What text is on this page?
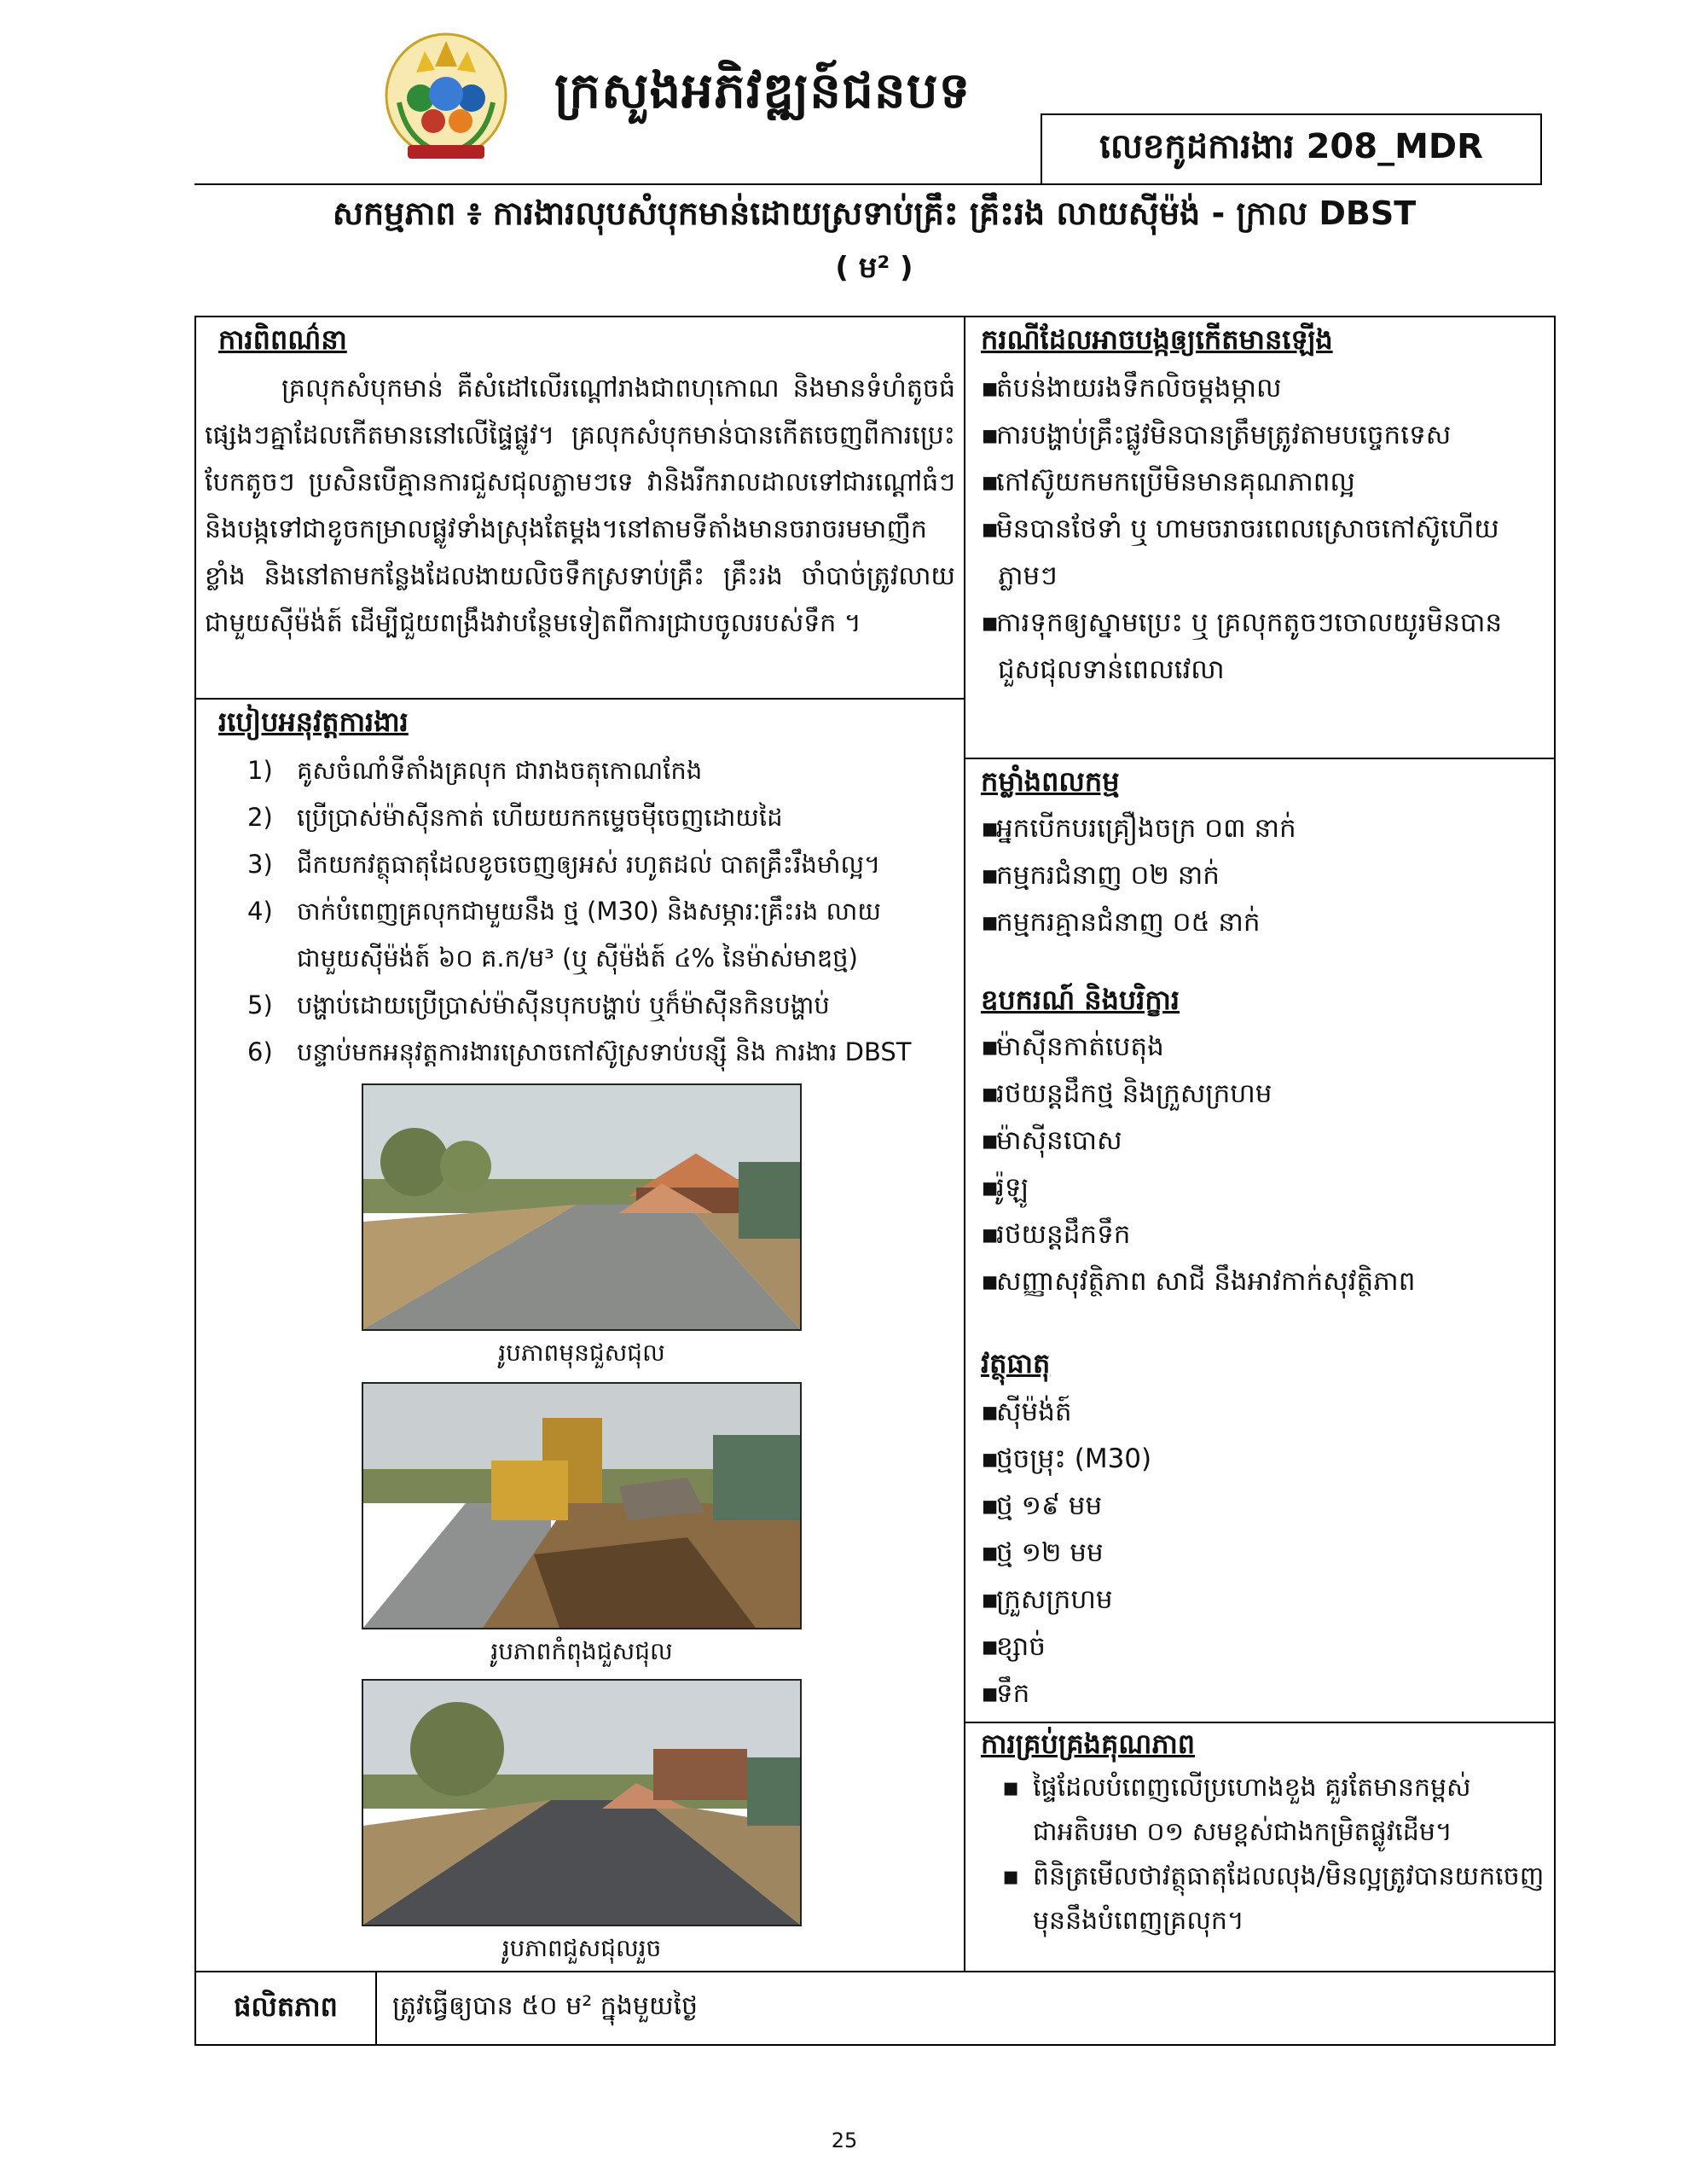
ក្រសួងអភិវឌ្ឍន៍ជនបទ
លេខកូដការងារ 208_MDR
សកម្មភាព ៖ ការងារលុបសំបុកមាន់ដោយស្រទាប់គ្រឹះ គ្រឹះរង លាយស៊ីម៉ង់ - ក្រាល DBST
( ម² )
ការពិពណ៌នា
គ្រលុកសំបុកមាន់ គឺសំដៅលើរណ្ដៅរាងជាពហុកោណ និងមានទំហំតូចធំផ្សេងៗគ្នាដែលកើតមាននៅលើផ្ទៃផ្លូវ។ គ្រលុកសំបុកមាន់បានកើតចេញពីការប្រេះបែកតូចៗ ប្រសិនបើគ្មានការជួសជុលភ្លាមៗទេ វានិងរីករាលដាលទៅជារណ្ដៅធំៗ និងបង្កទៅជាខូចកម្រាលផ្លូវទាំងស្រុងតែម្ដង។នៅតាមទីតាំងមានចរាចរមមាញឹកខ្លាំង និងនៅតាមកន្លែងដែលងាយលិចទឹកស្រទាប់គ្រឹះ គ្រឹះរង ចាំបាច់ត្រូវលាយជាមួយស៊ីម៉ង់ត៍ ដើម្បីជួយពង្រឹងវាបន្ថែមទៀតពីការជ្រាបចូលរបស់ទឹក ។
ករណីដែលអាចបង្កឲ្យកើតមានឡើង
▪តំបន់ងាយរងទឹកលិចម្ដងម្កាល
▪ការបង្ហាប់គ្រឹះផ្លូវមិនបានត្រឹមត្រូវតាមបច្ចេកទេស
▪កៅស៊ូយកមកប្រើមិនមានគុណភាពល្អ
▪មិនបានថែទាំ ឬ ហាមចរាចរពេលស្រោចកៅស៊ូហើយ
ភ្លាមៗ
▪ការទុកឲ្យស្នាមប្រេះ ឬ គ្រលុកតូចៗចោលយូរមិនបាន
ជួសជុលទាន់ពេលវេលា
របៀបអនុវត្តការងារ
1) គូសចំណាំទីតាំងគ្រលុក ជារាងចតុកោណកែង
2) ប្រើប្រាស់ម៉ាស៊ីនកាត់ ហើយយកកម្ទេចម៉ីចេញដោយដៃ
3) ជីកយកវត្ថុធាតុដែលខូចចេញឲ្យអស់ រហូតដល់ បាតគ្រឹះរឹងមាំល្អ។
4) ចាក់បំពេញគ្រលុកជាមួយនឹង ថ្ម (M30) និងសម្ភារៈគ្រឹះរង លាយ
ជាមួយស៊ីម៉ង់ត៍ ៦០ គ.ក/ម³ (ឬ ស៊ីម៉ង់ត៍ ៤% នៃម៉ាស់មាឌថ្ម)
5) បង្ហាប់ដោយប្រើប្រាស់ម៉ាស៊ីនបុកបង្ហាប់ ឬក៏ម៉ាស៊ីនកិនបង្ហាប់
6) បន្ទាប់មកអនុវត្តការងារស្រោចកៅស៊ូស្រទាប់បន្សុី និង ការងារ DBST
រូបភាពមុនជួសជុល
រូបភាពកំពុងជួសជុល
រូបភាពជួសជុលរួច
កម្លាំងពលកម្ម
▪អ្នកបើកបរគ្រឿងចក្រ ០៣ នាក់
▪កម្មករជំនាញ ០២ នាក់
▪កម្មករគ្មានជំនាញ ០៥ នាក់
ឧបករណ៍ និងបរិក្ខារ
▪ម៉ាស៊ីនកាត់បេតុង
▪រថយន្តដឹកថ្ម និងក្រួសក្រហម
▪ម៉ាស៊ីនបោស
▪រ៉ូឡូ
▪រថយន្តដឹកទឹក
▪សញ្ញាសុវត្ថិភាព សាជី នឹងអាវកាក់សុវត្ថិភាព
វត្ថុធាតុ
▪ស៊ីម៉ង់ត៍
▪ថ្មចម្រុះ (M30)
▪ថ្ម ១៩ មម
▪ថ្ម ១២ មម
▪ក្រួសក្រហម
▪ខ្សាច់
▪ទឹក
ការគ្រប់គ្រងគុណភាព
▪ ផ្ទៃដែលបំពេញលើប្រហោងខួង គួរតែមានកម្ពស់ជាអតិបរមា ០១ សមខ្ពស់ជាងកម្រិតផ្លូវដើម។
▪ ពិនិត្រមើលថាវត្ថុធាតុដែលលុង/មិនល្អត្រូវបានយកចេញមុននឹងបំពេញគ្រលុក។
ផលិតភាព	ត្រូវធ្វើឲ្យបាន ៥០ ម² ក្នុងមួយថ្ងៃ
25
